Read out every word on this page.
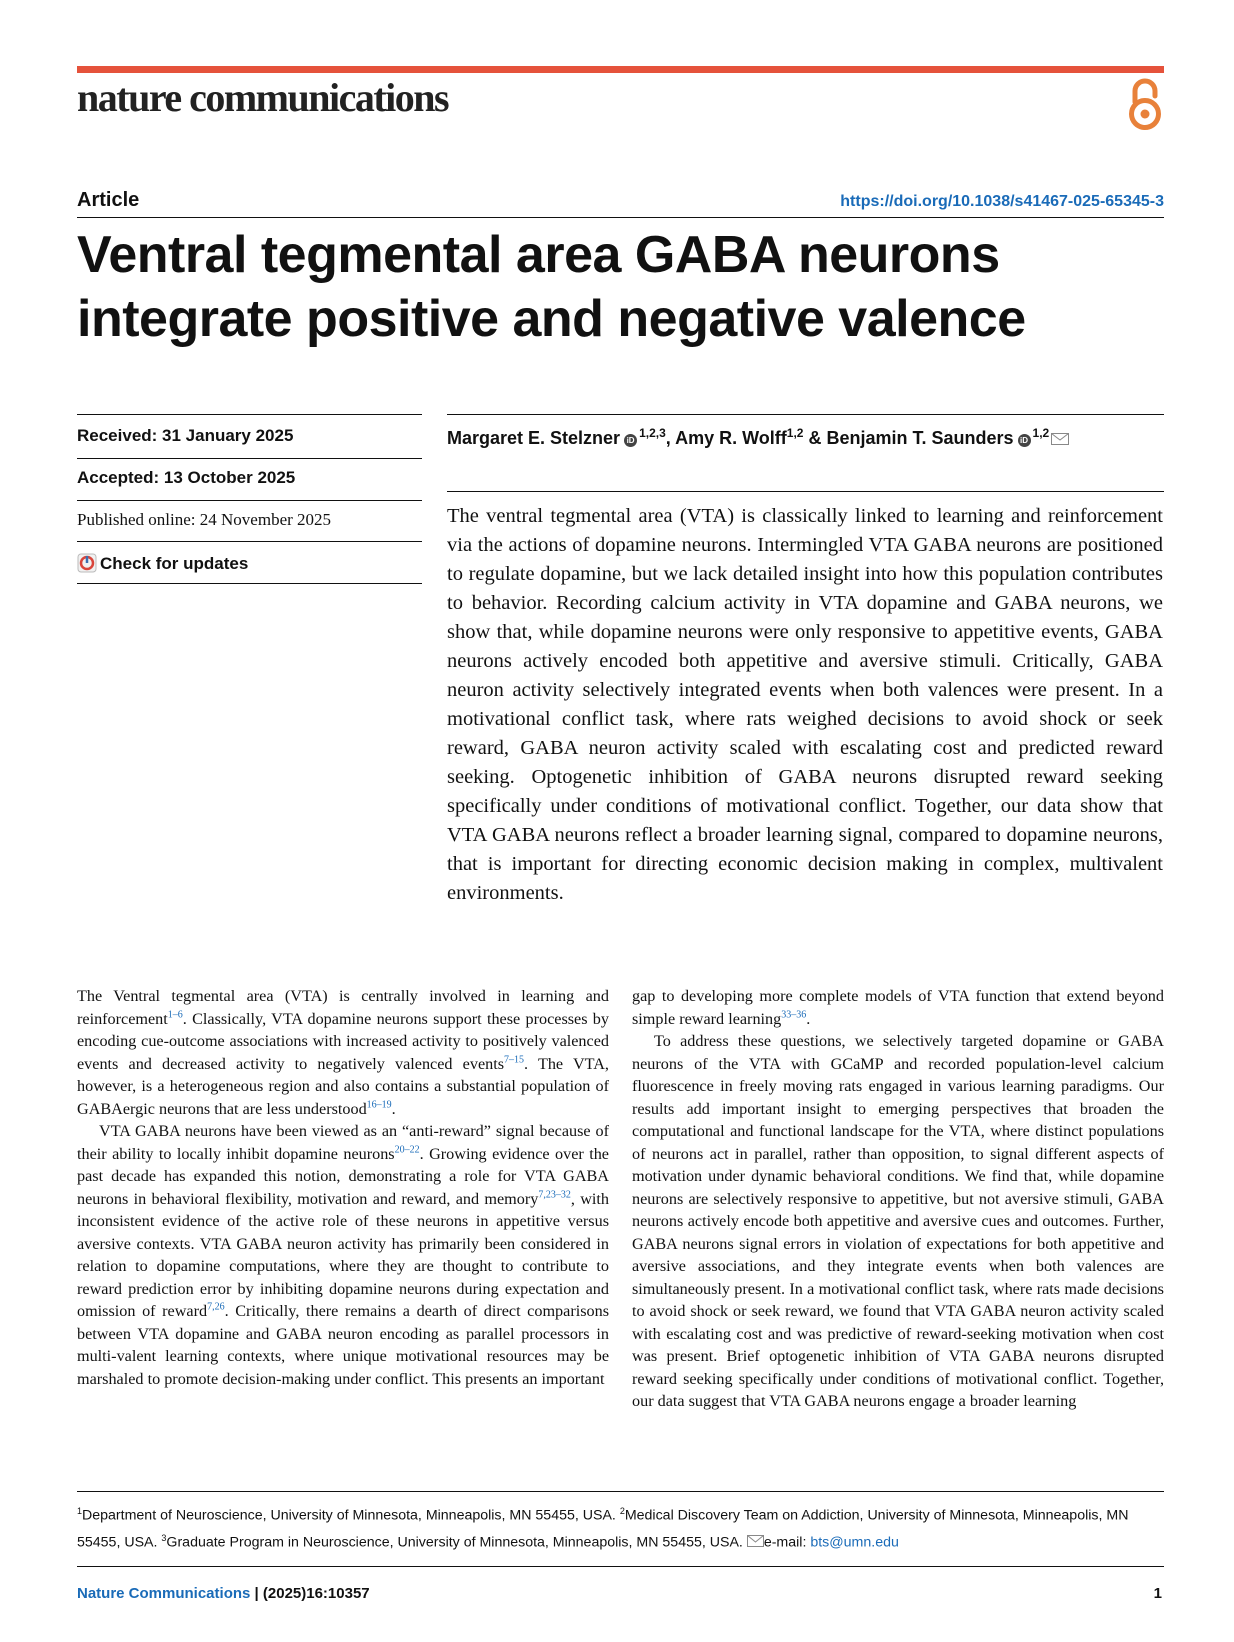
nature communications
Article	https://doi.org/10.1038/s41467-025-65345-3
Ventral tegmental area GABA neurons
integrate positive and negative valence
Received: 31 January 2025
Accepted: 13 October 2025
Published online: 24 November 2025
Check for updates
Margaret E. Stelzner iD$^{1,2,3}$, Amy R. Wolff$^{1,2}$ & Benjamin T. Saunders iD$^{1,2}$

The ventral tegmental area (VTA) is classically linked to learning and reinforcement via the actions of dopamine neurons. Intermingled VTA GABA neurons are positioned to regulate dopamine, but we lack detailed insight into how this population contributes to behavior. Recording calcium activity in VTA dopamine and GABA neurons, we show that, while dopamine neurons were only responsive to appetitive events, GABA neurons actively encoded both appetitive and aversive stimuli. Critically, GABA neuron activity selectively integrated events when both valences were present. In a motivational conflict task, where rats weighed decisions to avoid shock or seek reward, GABA neuron activity scaled with escalating cost and predicted reward seeking. Optogenetic inhibition of GABA neurons disrupted reward seeking specifically under conditions of motivational conflict. Together, our data show that VTA GABA neurons reflect a broader learning signal, compared to dopamine neurons, that is important for directing economic decision making in complex, multivalent environments.

The Ventral tegmental area (VTA) is centrally involved in learning and reinforcement$^{1-6}$. Classically, VTA dopamine neurons support these processes by encoding cue-outcome associations with increased activity to positively valenced events and decreased activity to negatively valenced events$^{7-15}$. The VTA, however, is a heterogeneous region and also contains a substantial population of GABAergic neurons that are less understood$^{16-19}$.

VTA GABA neurons have been viewed as an “anti-reward” signal because of their ability to locally inhibit dopamine neurons$^{20-22}$. Growing evidence over the past decade has expanded this notion, demonstrating a role for VTA GABA neurons in behavioral flexibility, motivation and reward, and memory$^{7,23-32}$, with inconsistent evidence of the active role of these neurons in appetitive versus aversive contexts. VTA GABA neuron activity has primarily been considered in relation to dopamine computations, where they are thought to contribute to reward prediction error by inhibiting dopamine neurons during expectation and omission of reward$^{7,26}$. Critically, there remains a dearth of direct comparisons between VTA dopamine and GABA neuron encoding as parallel processors in multi-valent learning contexts, where unique motivational resources may be marshaled to promote decision-making under conflict. This presents an important

gap to developing more complete models of VTA function that extend beyond simple reward learning$^{33-36}$.

To address these questions, we selectively targeted dopamine or GABA neurons of the VTA with GCaMP and recorded population-level calcium fluorescence in freely moving rats engaged in various learning paradigms. Our results add important insight to emerging perspectives that broaden the computational and functional landscape for the VTA, where distinct populations of neurons act in parallel, rather than opposition, to signal different aspects of motivation under dynamic behavioral conditions. We find that, while dopamine neurons are selectively responsive to appetitive, but not aversive stimuli, GABA neurons actively encode both appetitive and aversive cues and outcomes. Further, GABA neurons signal errors in violation of expectations for both appetitive and aversive associations, and they integrate events when both valences are simultaneously present. In a motivational conflict task, where rats made decisions to avoid shock or seek reward, we found that VTA GABA neuron activity scaled with escalating cost and was predictive of reward-seeking motivation when cost was present. Brief optogenetic inhibition of VTA GABA neurons disrupted reward seeking specifically under conditions of motivational conflict. Together, our data suggest that VTA GABA neurons engage a broader learning

$^1$Department of Neuroscience, University of Minnesota, Minneapolis, MN 55455, USA. $^2$Medical Discovery Team on Addiction, University of Minnesota, Minneapolis, MN 55455, USA. $^3$Graduate Program in Neuroscience, University of Minnesota, Minneapolis, MN 55455, USA. e-mail: bts@umn.edu
Nature Communications | (2025)16:10357	1
